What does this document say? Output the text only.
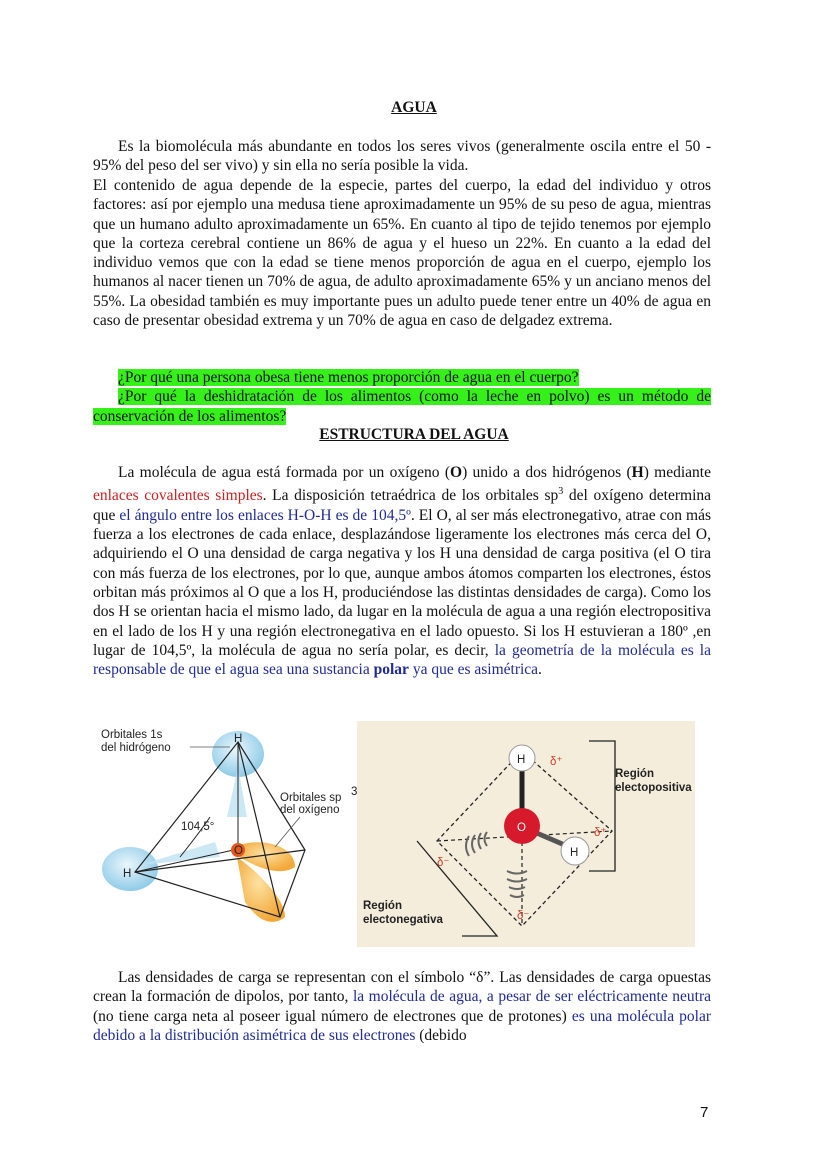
AGUA

Es la biomolécula más abundante en todos los seres vivos (generalmente oscila entre el 50 - 95% del peso del ser vivo) y sin ella no sería posible la vida.

El contenido de agua depende de la especie, partes del cuerpo, la edad del individuo y otros factores: así por ejemplo una medusa tiene aproximadamente un 95% de su peso de agua, mientras que un humano adulto aproximadamente un 65%. En cuanto al tipo de tejido tenemos por ejemplo que la corteza cerebral contiene un 86% de agua y el hueso un 22%. En cuanto a la edad del individuo vemos que con la edad se tiene menos proporción de agua en el cuerpo, ejemplo los humanos al nacer tienen un 70% de agua, de adulto aproximadamente 65% y un anciano menos del 55%. La obesidad también es muy importante pues un adulto puede tener entre un 40% de agua en caso de presentar obesidad extrema y un 70% de agua en caso de delgadez extrema.

¿Por qué una persona obesa tiene menos proporción de agua en el cuerpo?
¿Por qué la deshidratación de los alimentos (como la leche en polvo) es un método de conservación de los alimentos?

ESTRUCTURA DEL AGUA

La molécula de agua está formada por un oxígeno (O) unido a dos hidrógenos (H) mediante enlaces covalentes simples. La disposición tetraédrica de los orbitales $sp^3$ del oxígeno determina que el ángulo entre los enlaces H-O-H es de 104,5º. El O, al ser más electronegativo, atrae con más fuerza a los electrones de cada enlace, desplazándose ligeramente los electrones más cerca del O, adquiriendo el O una densidad de carga negativa y los H una densidad de carga positiva (el O tira con más fuerza de los electrones, por lo que, aunque ambos átomos comparten los electrones, éstos orbitan más próximos al O que a los H, produciéndose las distintas densidades de carga). Como los dos H se orientan hacia el mismo lado, da lugar en la molécula de agua a una región electropositiva en el lado de los H y una región electronegativa en el lado opuesto. Si los H estuvieran a 180º ,en lugar de 104,5º, la molécula de agua no sería polar, es decir, la geometría de la molécula es la responsable de que el agua sea una sustancia polar ya que es asimétrica.

O
H
H
Orbitales 1s
del hidrógeno
Orbitales sp 3
del oxígeno
104,5°	O
H
H
δ⁺
δ⁺
δ⁻
δ⁻
Región
electopositiva
Región
electonegativa

Las densidades de carga se representan con el símbolo “δ”. Las densidades de carga opuestas crean la formación de dipolos, por tanto, la molécula de agua, a pesar de ser eléctricamente neutra (no tiene carga neta al poseer igual número de electrones que de protones) es una molécula polar debido a la distribución asimétrica de sus electrones (debido

7
